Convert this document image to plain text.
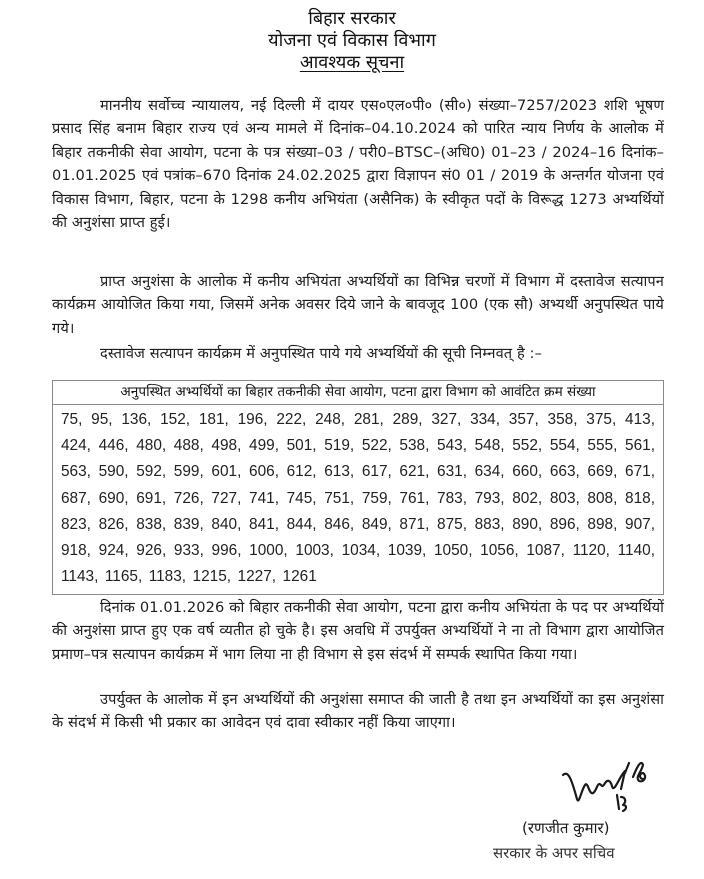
बिहार सरकार
योजना एवं विकास विभाग
आवश्यक सूचना
माननीय सर्वोच्च न्यायालय, नई दिल्ली में दायर एस०एल०पी० (सी०) संख्या–7257/2023 शशि भूषण प्रसाद सिंह बनाम बिहार राज्य एवं अन्य मामले में दिनांक–04.10.2024 को पारित न्याय निर्णय के आलोक में बिहार तकनीकी सेवा आयोग, पटना के पत्र संख्या–03 / परी0–BTSC–(अधि0) 01–23 / 2024–16 दिनांक–01.01.2025 एवं पत्रांक–670 दिनांक 24.02.2025 द्वारा विज्ञापन सं0 01 / 2019 के अन्तर्गत योजना एवं विकास विभाग, बिहार, पटना के 1298 कनीय अभियंता (असैनिक) के स्वीकृत पदों के विरूद्ध 1273 अभ्यर्थियों की अनुशंसा प्राप्त हुई।
प्राप्त अनुशंसा के आलोक में कनीय अभियंता अभ्यर्थियों का विभिन्न चरणों में विभाग में दस्तावेज सत्यापन कार्यक्रम आयोजित किया गया, जिसमें अनेक अवसर दिये जाने के बावजूद 100 (एक सौ) अभ्यर्थी अनुपस्थित पाये गये।
दस्तावेज सत्यापन कार्यक्रम में अनुपस्थित पाये गये अभ्यर्थियों की सूची निम्नवत् है :–
अनुपस्थित अभ्यर्थियों का बिहार तकनीकी सेवा आयोग, पटना द्वारा विभाग को आवंटित क्रम संख्या
75, 95, 136, 152, 181, 196, 222, 248, 281, 289, 327, 334, 357, 358, 375, 413, 424, 446, 480, 488, 498, 499, 501, 519, 522, 538, 543, 548, 552, 554, 555, 561, 563, 590, 592, 599, 601, 606, 612, 613, 617, 621, 631, 634, 660, 663, 669, 671, 687, 690, 691, 726, 727, 741, 745, 751, 759, 761, 783, 793, 802, 803, 808, 818, 823, 826, 838, 839, 840, 841, 844, 846, 849, 871, 875, 883, 890, 896, 898, 907, 918, 924, 926, 933, 996, 1000, 1003, 1034, 1039, 1050, 1056, 1087, 1120, 1140, 1143, 1165, 1183, 1215, 1227, 1261
दिनांक 01.01.2026 को बिहार तकनीकी सेवा आयोग, पटना द्वारा कनीय अभियंता के पद पर अभ्यर्थियों की अनुशंसा प्राप्त हुए एक वर्ष व्यतीत हो चुके है। इस अवधि में उपर्युक्त अभ्यर्थियों ने ना तो विभाग द्वारा आयोजित प्रमाण–पत्र सत्यापन कार्यक्रम में भाग लिया ना ही विभाग से इस संदर्भ में सम्पर्क स्थापित किया गया।
उपर्युक्त के आलोक में इन अभ्यर्थियों की अनुशंसा समाप्त की जाती है तथा इन अभ्यर्थियों का इस अनुशंसा के संदर्भ में किसी भी प्रकार का आवेदन एवं दावा स्वीकार नहीं किया जाएगा।
(रणजीत कुमार)
सरकार के अपर सचिव
